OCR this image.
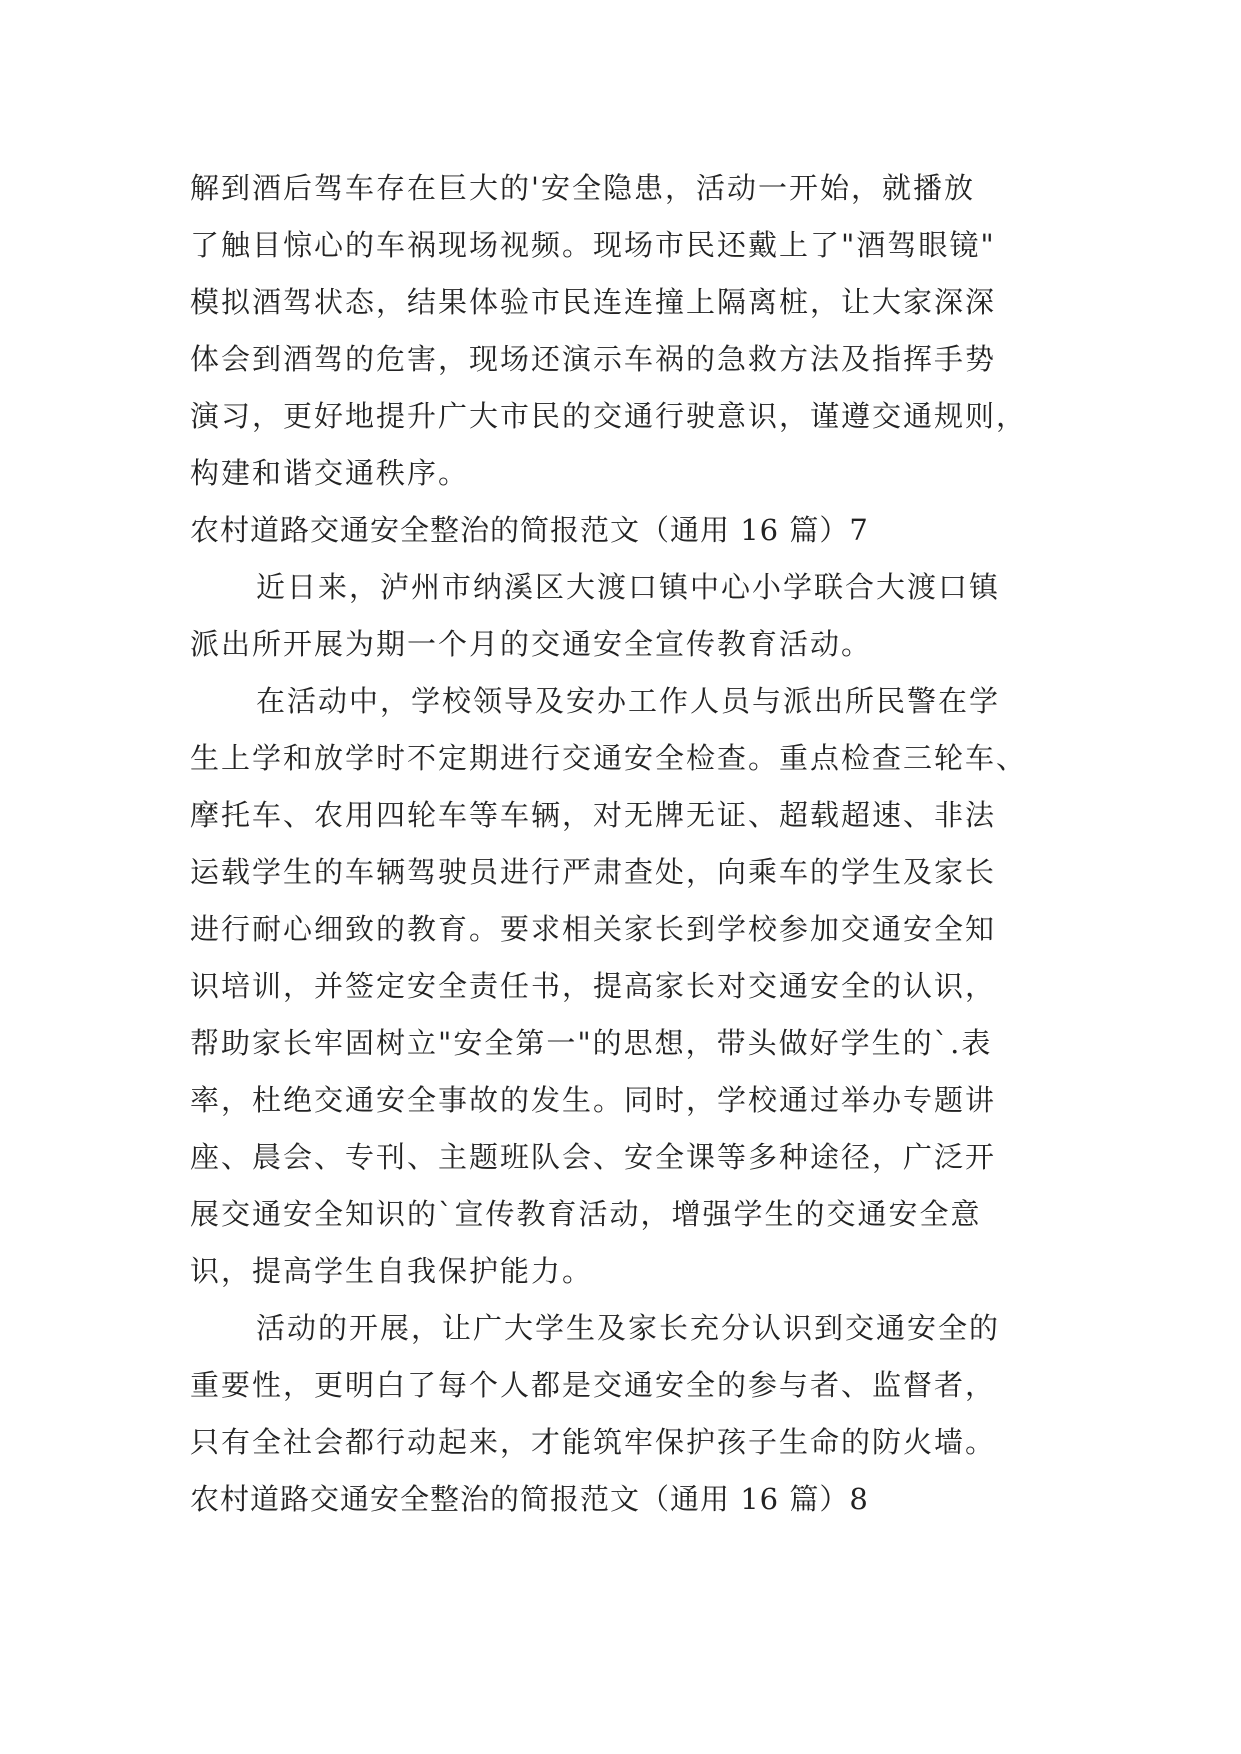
解到酒后驾车存在巨大的'安全隐患，活动一开始，就播放
了触目惊心的车祸现场视频。现场市民还戴上了"酒驾眼镜"
模拟酒驾状态，结果体验市民连连撞上隔离桩，让大家深深
体会到酒驾的危害，现场还演示车祸的急救方法及指挥手势
演习，更好地提升广大市民的交通行驶意识，谨遵交通规则，
构建和谐交通秩序。
农村道路交通安全整治的简报范文（通用 16 篇）7
近日来，泸州市纳溪区大渡口镇中心小学联合大渡口镇
派出所开展为期一个月的交通安全宣传教育活动。
在活动中，学校领导及安办工作人员与派出所民警在学
生上学和放学时不定期进行交通安全检查。重点检查三轮车、
摩托车、农用四轮车等车辆，对无牌无证、超载超速、非法
运载学生的车辆驾驶员进行严肃查处，向乘车的学生及家长
进行耐心细致的教育。要求相关家长到学校参加交通安全知
识培训，并签定安全责任书，提高家长对交通安全的认识，
帮助家长牢固树立"安全第一"的思想，带头做好学生的`.表
率，杜绝交通安全事故的发生。同时，学校通过举办专题讲
座、晨会、专刊、主题班队会、安全课等多种途径，广泛开
展交通安全知识的`宣传教育活动，增强学生的交通安全意
识，提高学生自我保护能力。
活动的开展，让广大学生及家长充分认识到交通安全的
重要性，更明白了每个人都是交通安全的参与者、监督者，
只有全社会都行动起来，才能筑牢保护孩子生命的防火墙。
农村道路交通安全整治的简报范文（通用 16 篇）8
